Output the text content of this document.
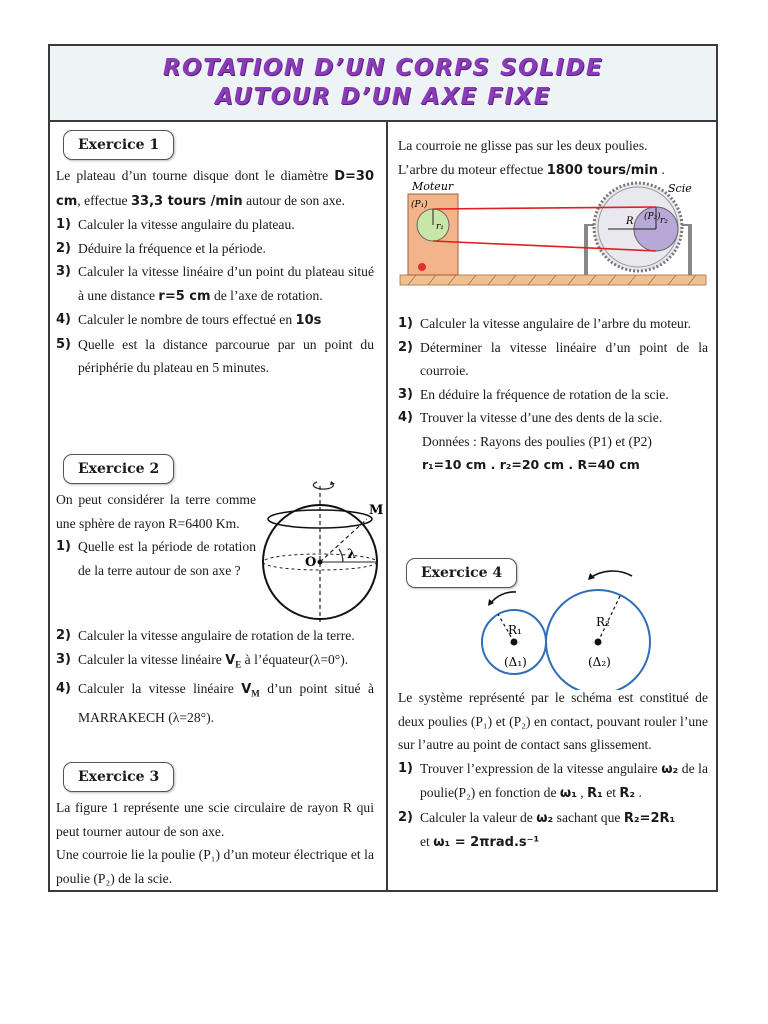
ROTATION D’UN CORPS SOLIDE
AUTOUR D’UN AXE FIXE
Exercice 1

Le plateau d’un tourne disque dont le diamètre D=30 cm, effectue 33,3 tours /min autour de son axe.

1) Calculer la vitesse angulaire du plateau.
2) Déduire la fréquence et la période.
3) Calculer la vitesse linéaire d’un point du plateau situé à une distance r=5 cm de l’axe de rotation.
4) Calculer le nombre de tours effectué en 10s
5) Quelle est la distance parcourue par un point du périphérie du plateau en 5 minutes.
Exercice 2

On peut considérer la terre comme une sphère de rayon R=6400 Km.

1) Quelle est la période de rotation de la terre autour de son axe ?
M
O
λ
2) Calculer la vitesse angulaire de rotation de la terre.
3) Calculer la vitesse linéaire $V_E$ à l’équateur(λ=0°).
4) Calculer la vitesse linéaire $V_M$ d’un point situé à MARRAKECH (λ=28°).
Exercice 3

La figure 1 représente une scie circulaire de rayon R qui peut tourner autour de son axe.

Une courroie lie la poulie (P₁) d’un moteur électrique et la poulie (P₂) de la scie.

La courroie ne glisse pas sur les deux poulies.

L’arbre du moteur effectue 1800 tours/min .

Moteur
(P₁)
r₁
(P₂) r₂
R
Scie
1) Calculer la vitesse angulaire de l’arbre du moteur.
2) Déterminer la vitesse linéaire d’un point de la courroie.
3) En déduire la fréquence de rotation de la scie.
4) Trouver la vitesse d’une des dents de la scie.
Données : Rayons des poulies (P1) et (P2)
r₁=10 cm . r₂=20 cm . R=40 cm
Exercice 4
R₁
R₂
(Δ₁)	(Δ₂)

Le système représenté par le schéma est constitué de deux poulies (P₁) et (P₂) en contact, pouvant rouler l’une sur l’autre au point de contact sans glissement.

1) Trouver l’expression de la vitesse angulaire ω₂ de la poulie(P₂) en fonction de ω₁ , R₁ et R₂ .
2) Calculer la valeur de ω₂ sachant que R₂=2R₁
et ω₁ = 2πrad.s⁻¹
